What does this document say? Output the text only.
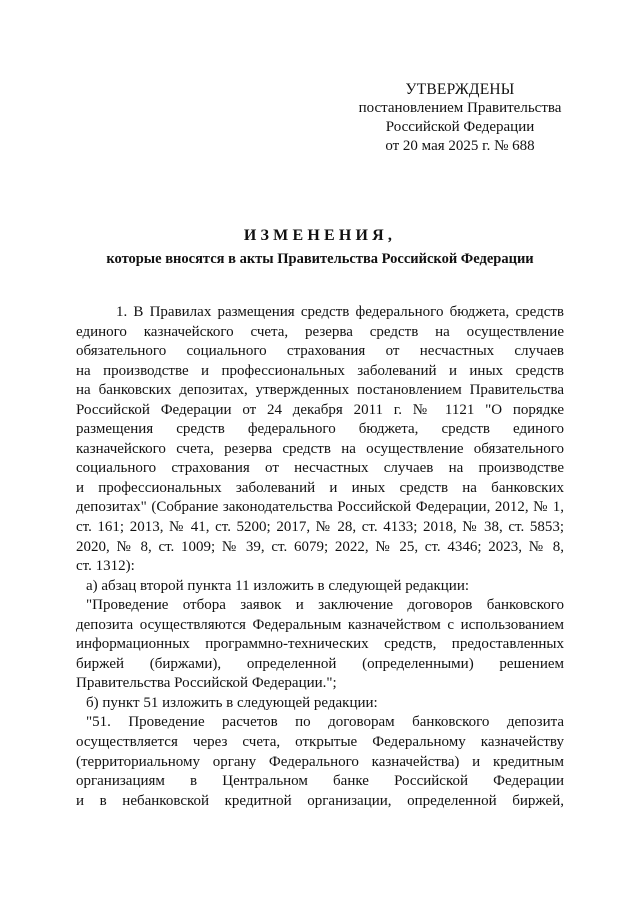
УТВЕРЖДЕНЫ
постановлением Правительства
Российской Федерации
от 20 мая 2025 г. № 688
ИЗМЕНЕНИЯ,
которые вносятся в акты Правительства Российской Федерации
1. В Правилах размещения средств федерального бюджета, средств
единого казначейского счета, резерва средств на осуществление
обязательного социального страхования от несчастных случаев
на производстве и профессиональных заболеваний и иных средств
на банковских депозитах, утвержденных постановлением Правительства
Российской Федерации от 24 декабря 2011 г. № 1121 "О порядке
размещения средств федерального бюджета, средств единого
казначейского счета, резерва средств на осуществление обязательного
социального страхования от несчастных случаев на производстве
и профессиональных заболеваний и иных средств на банковских
депозитах" (Собрание законодательства Российской Федерации, 2012, № 1,
ст. 161; 2013, № 41, ст. 5200; 2017, № 28, ст. 4133; 2018, № 38, ст. 5853;
2020, № 8, ст. 1009; № 39, ст. 6079; 2022, № 25, ст. 4346; 2023, № 8,
ст. 1312):
а) абзац второй пункта 11 изложить в следующей редакции:
"Проведение отбора заявок и заключение договоров банковского
депозита осуществляются Федеральным казначейством с использованием
информационных программно-технических средств, предоставленных
биржей (биржами), определенной (определенными) решением
Правительства Российской Федерации.";
б) пункт 51 изложить в следующей редакции:
"51. Проведение расчетов по договорам банковского депозита
осуществляется через счета, открытые Федеральному казначейству
(территориальному органу Федерального казначейства) и кредитным
организациям в Центральном банке Российской Федерации
и в небанковской кредитной организации, определенной биржей,
